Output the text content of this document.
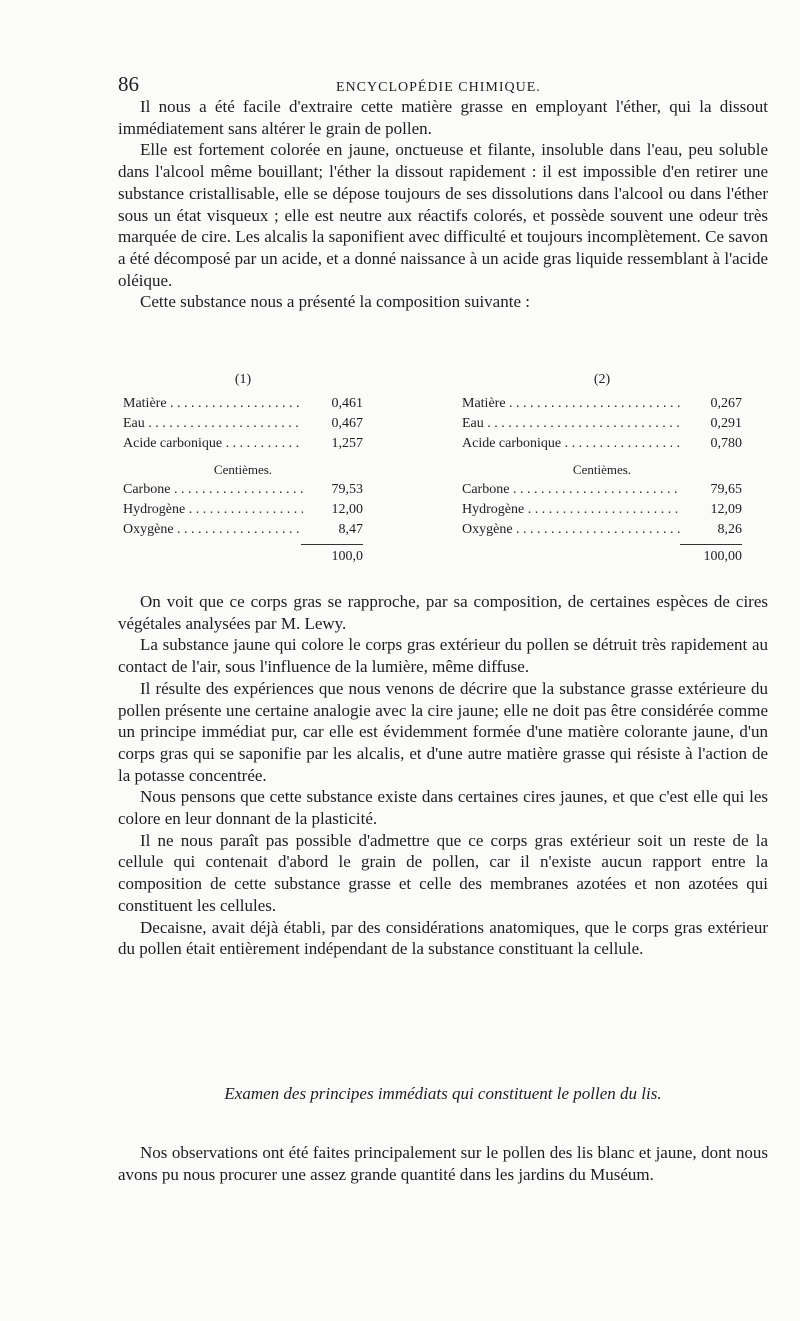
86	ENCYCLOPÉDIE CHIMIQUE.

Il nous a été facile d'extraire cette matière grasse en employant l'éther, qui la dissout immédiatement sans altérer le grain de pollen.

Elle est fortement colorée en jaune, onctueuse et filante, insoluble dans l'eau, peu soluble dans l'alcool même bouillant; l'éther la dissout rapidement : il est impossible d'en retirer une substance cristallisable, elle se dépose toujours de ses dissolutions dans l'alcool ou dans l'éther sous un état visqueux ; elle est neutre aux réactifs colorés, et possède souvent une odeur très marquée de cire. Les alcalis la saponifient avec difficulté et toujours incomplètement. Ce savon a été décomposé par un acide, et a donné naissance à un acide gras liquide ressemblant à l'acide oléique.

Cette substance nous a présenté la composition suivante :

(1)
Matière . . .	0,461
Eau . . .	0,467
Acide carbonique . . .	1,257
Centièmes.
Carbone . . .	79,53
Hydrogène . . .	12,00
Oxygène . . .	8,47
100,0
(2)
Matière . . .	0,267
Eau . . .	0,291
Acide carbonique . . .	0,780
Centièmes.
Carbone . . .	79,65
Hydrogène . . .	12,09
Oxygène . . .	8,26
100,00

On voit que ce corps gras se rapproche, par sa composition, de certaines espèces de cires végétales analysées par M. Lewy.

La substance jaune qui colore le corps gras extérieur du pollen se détruit très rapidement au contact de l'air, sous l'influence de la lumière, même diffuse.

Il résulte des expériences que nous venons de décrire que la substance grasse extérieure du pollen présente une certaine analogie avec la cire jaune; elle ne doit pas être considérée comme un principe immédiat pur, car elle est évidemment formée d'une matière colorante jaune, d'un corps gras qui se saponifie par les alcalis, et d'une autre matière grasse qui résiste à l'action de la potasse concentrée.

Nous pensons que cette substance existe dans certaines cires jaunes, et que c'est elle qui les colore en leur donnant de la plasticité.

Il ne nous paraît pas possible d'admettre que ce corps gras extérieur soit un reste de la cellule qui contenait d'abord le grain de pollen, car il n'existe aucun rapport entre la composition de cette substance grasse et celle des membranes azotées et non azotées qui constituent les cellules.

Decaisne, avait déjà établi, par des considérations anatomiques, que le corps gras extérieur du pollen était entièrement indépendant de la substance constituant la cellule.

Examen des principes immédiats qui constituent le pollen du lis.

Nos observations ont été faites principalement sur le pollen des lis blanc et jaune, dont nous avons pu nous procurer une assez grande quantité dans les jardins du Muséum.
